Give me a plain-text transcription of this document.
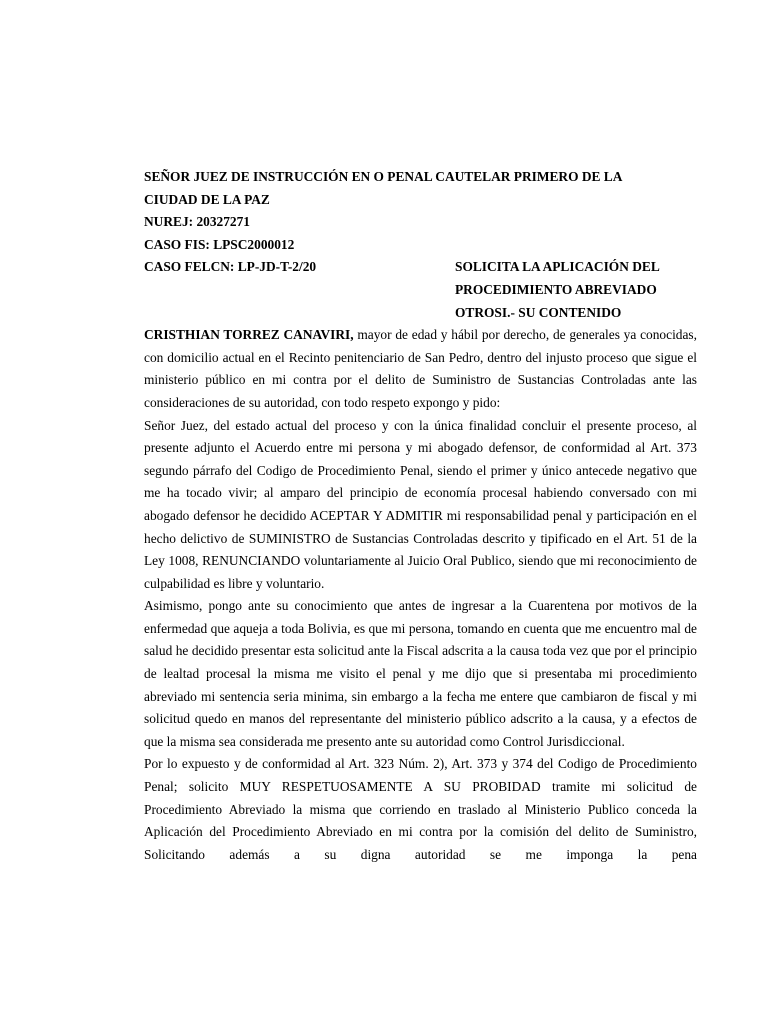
SEÑOR JUEZ DE INSTRUCCIÓN EN O PENAL CAUTELAR PRIMERO DE LA

CIUDAD DE LA PAZ

NUREJ: 20327271

CASO FIS: LPSC2000012

CASO FELCN: LP-JD-T-2/20	SOLICITA LA APLICACIÓN DEL
PROCEDIMIENTO ABREVIADO
OTROSI.- SU CONTENIDO

CRISTHIAN TORREZ CANAVIRI, mayor de edad y hábil por derecho, de generales ya conocidas, con domicilio actual en el Recinto penitenciario de San Pedro, dentro del injusto proceso que sigue el ministerio público en mi contra por el delito de Suministro de Sustancias Controladas ante las consideraciones de su autoridad, con todo respeto expongo y pido:

Señor Juez, del estado actual del proceso y con la única finalidad concluir el presente proceso, al presente adjunto el Acuerdo entre mi persona y mi abogado defensor, de conformidad al Art. 373 segundo párrafo del Codigo de Procedimiento Penal, siendo el primer y único antecede negativo que me ha tocado vivir; al amparo del principio de economía procesal habiendo conversado con mi abogado defensor he decidido ACEPTAR Y ADMITIR mi responsabilidad penal y participación en el hecho delictivo de SUMINISTRO de Sustancias Controladas descrito y tipificado en el Art. 51 de la Ley 1008, RENUNCIANDO voluntariamente al Juicio Oral Publico, siendo que mi reconocimiento de culpabilidad es libre y voluntario.

Asimismo, pongo ante su conocimiento que antes de ingresar a la Cuarentena por motivos de la enfermedad que aqueja a toda Bolivia, es que mi persona, tomando en cuenta que me encuentro mal de salud he decidido presentar esta solicitud ante la Fiscal adscrita a la causa toda vez que por el principio de lealtad procesal la misma me visito el penal y me dijo que si presentaba mi procedimiento abreviado mi sentencia seria minima, sin embargo a la fecha me entere que cambiaron de fiscal y mi solicitud quedo en manos del representante del ministerio público adscrito a la causa, y a efectos de que la misma sea considerada me presento ante su autoridad como Control Jurisdiccional.

Por lo expuesto y de conformidad al Art. 323 Núm. 2), Art. 373 y 374 del Codigo de Procedimiento Penal; solicito MUY RESPETUOSAMENTE A SU PROBIDAD tramite mi solicitud de Procedimiento Abreviado la misma que corriendo en traslado al Ministerio Publico conceda la Aplicación del Procedimiento Abreviado en mi contra por la comisión del delito de Suministro, Solicitando además a su digna autoridad se me imponga la pena
